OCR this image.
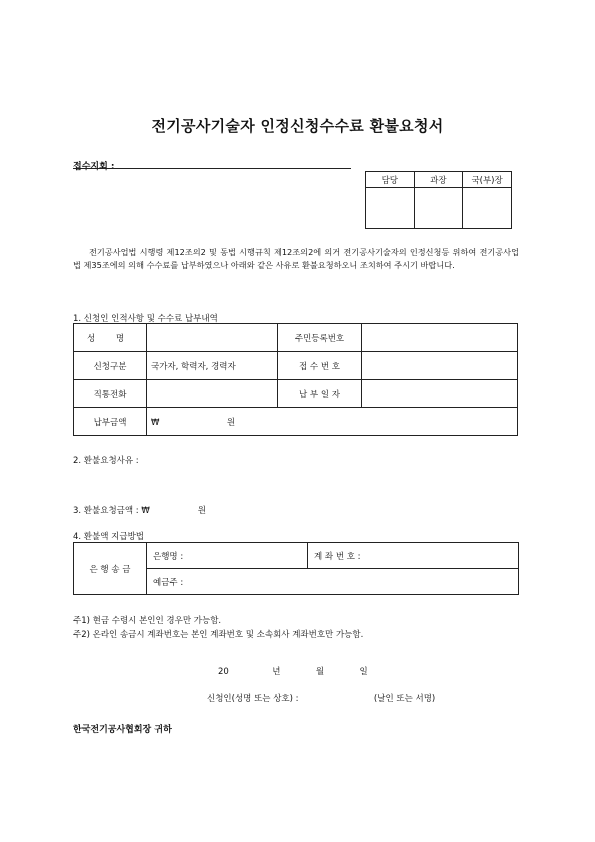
전기공사기술자 인정신청수수료 환불요청서
접수지회 :
담당	과장	국(부)장

전기공사업법 시행령 제12조의2 및 동법 시행규칙 제12조의2에 의거 전기공사기술자의 인정신청등 위하여 전기공사업법 제35조에의 의해 수수료를 납부하였으나 아래와 같은 사유로 환불요청하오니 조치하여 주시기 바랍니다.
1. 신청인 인적사항 및 수수료 납부내역
성 명		주민등록번호	
신청구분	국가자, 학력자, 경력자	접 수 번 호	
직통전화		납 부 일 자	
납부금액	₩ 원		
2. 환불요청사유 :
3. 환불요청금액 : ₩	원
4. 환불액 지급방법
은 행 송 금	은행명 :	계 좌 번 호 :
예금주 :
주1) 현금 수령시 본인인 경우만 가능함.
주2) 온라인 송금시 계좌번호는 본인 계좌번호 및 소속회사 계좌번호만 가능함.
20	년	월	일
신청인(성명 또는 상호) :	(날인 또는 서명)
한국전기공사협회장 귀하
